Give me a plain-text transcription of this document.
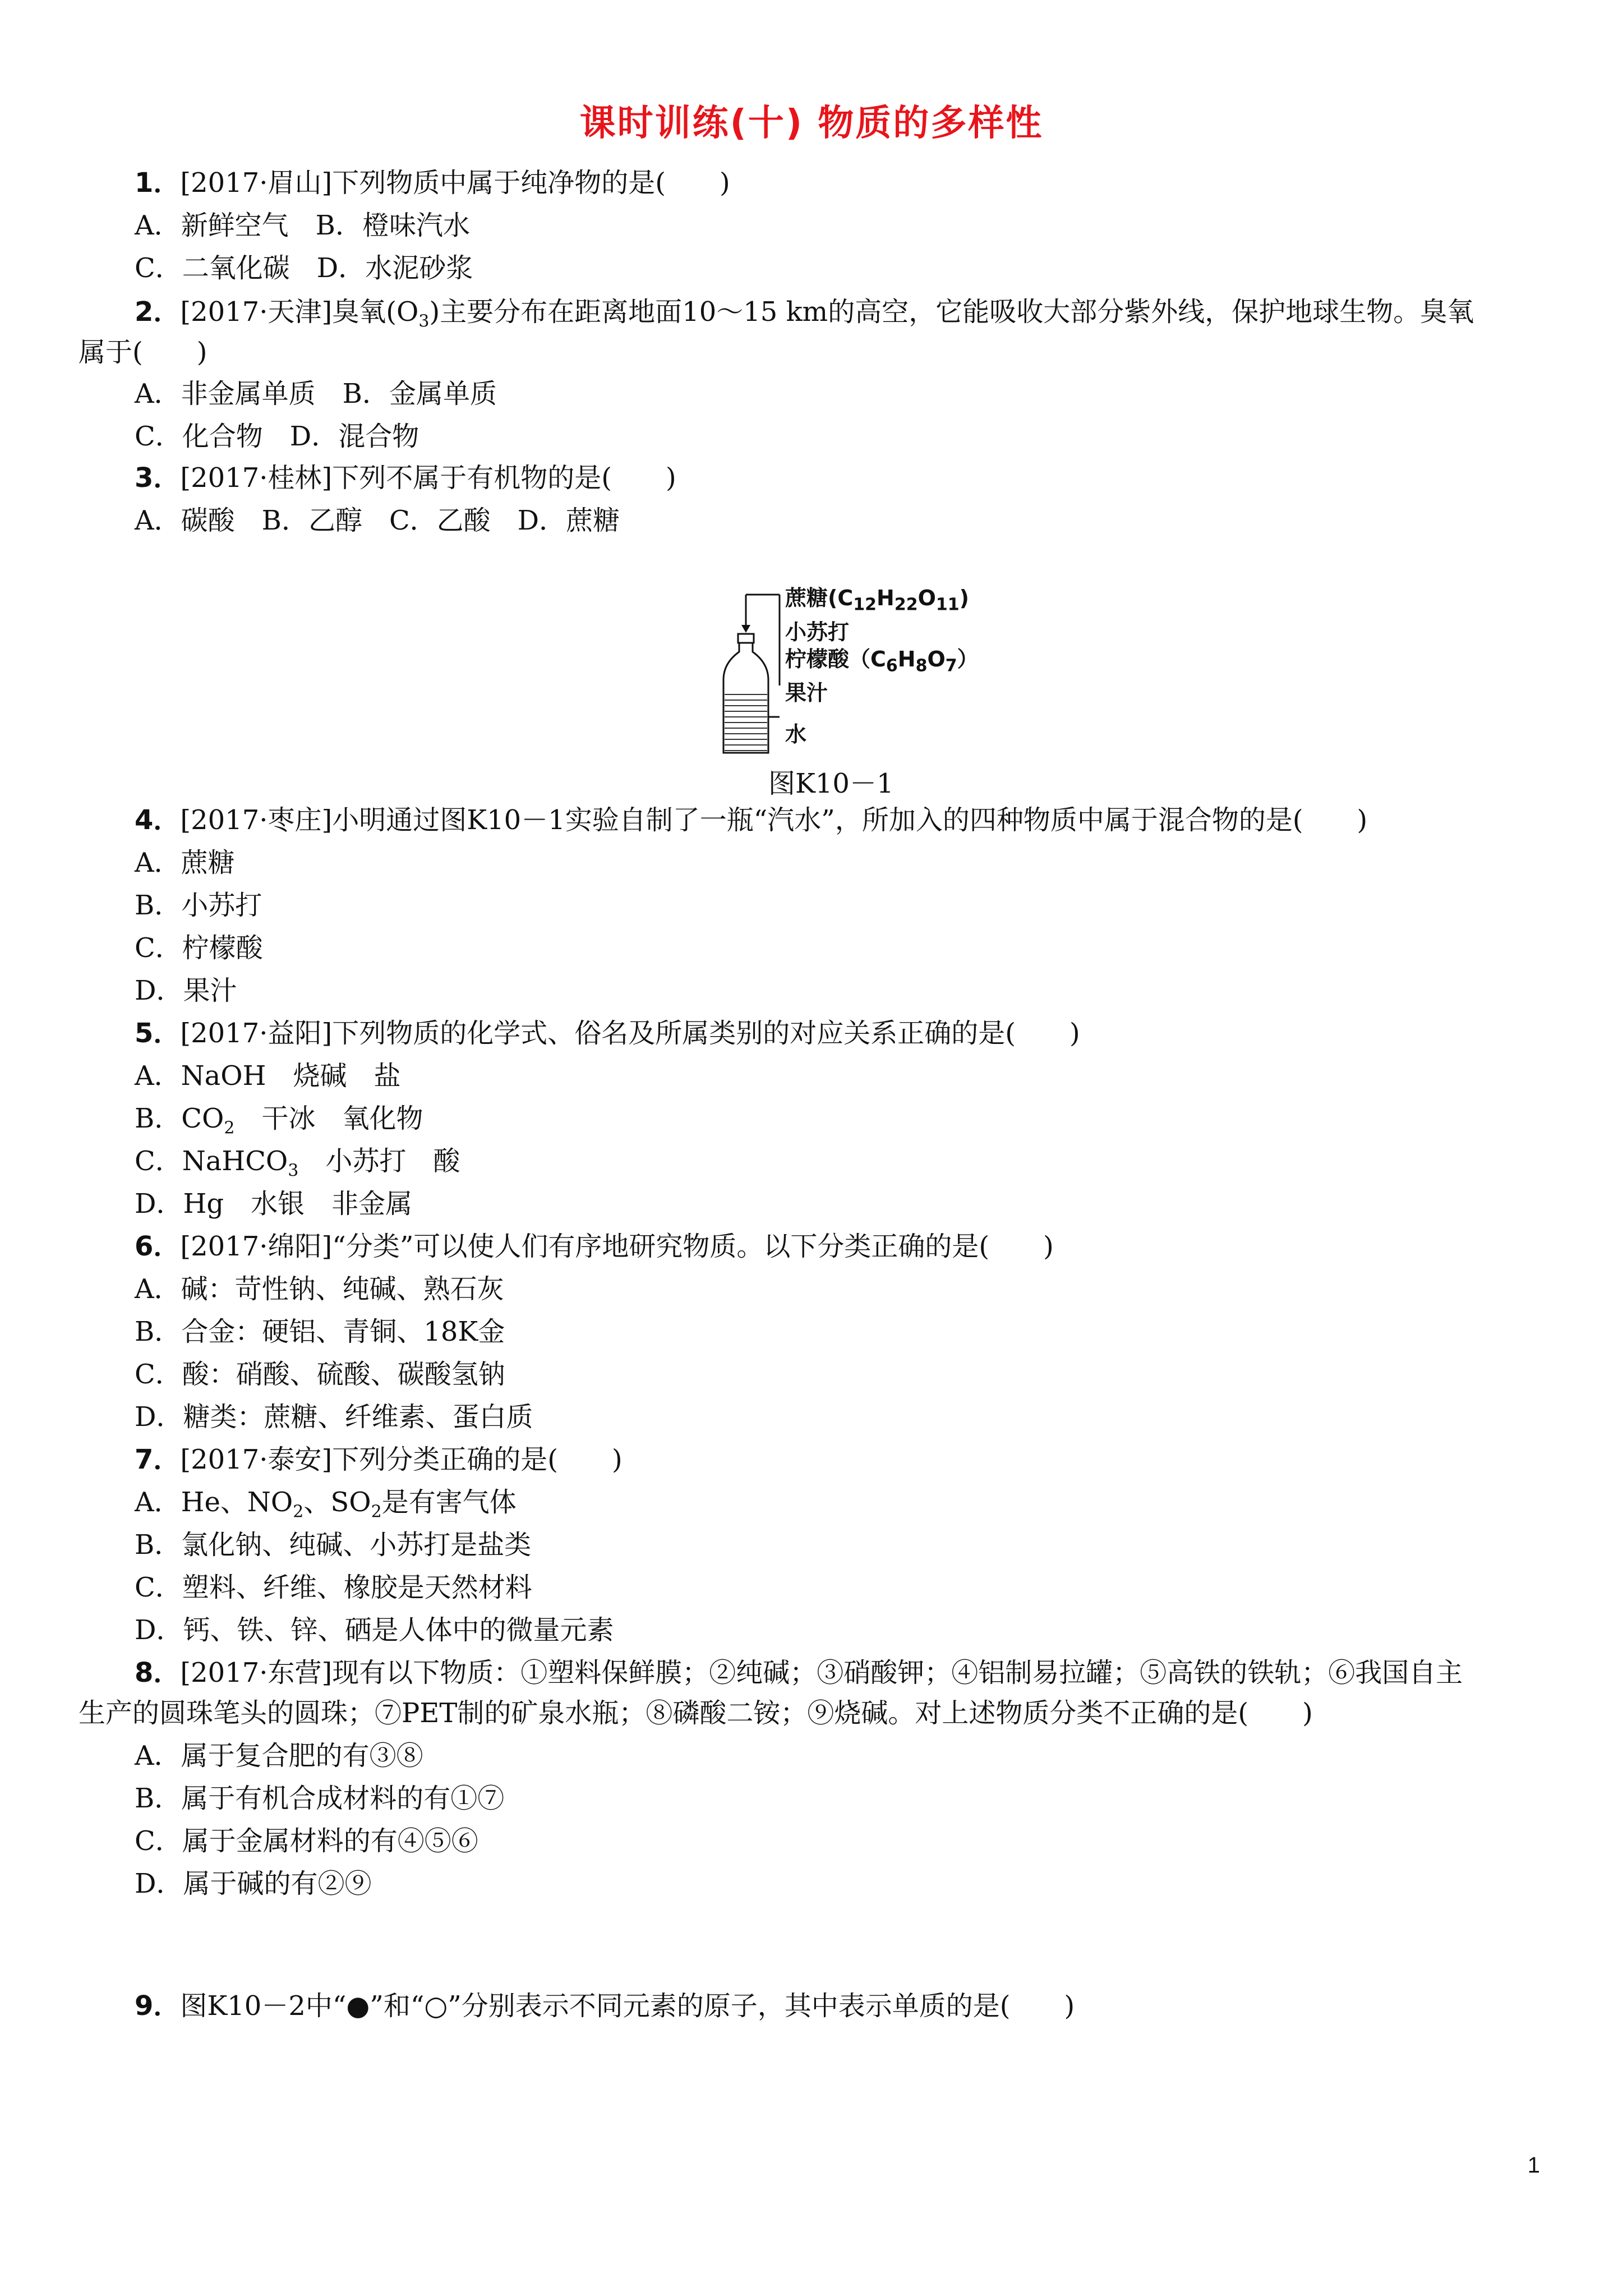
课时训练(十) 物质的多样性
1．[2017·眉山]下列物质中属于纯净物的是(　　)
A．新鲜空气　B．橙味汽水
C．二氧化碳　D．水泥砂浆
2．[2017·天津]臭氧$(O_3)$主要分布在距离地面10～15 km的高空，它能吸收大部分紫外线，保护地球生物。臭氧
属于(　　)
A．非金属单质　B．金属单质
C．化合物　D．混合物
3．[2017·桂林]下列不属于有机物的是(　　)
A．碳酸　B．乙醇　C．乙酸　D．蔗糖
蔗糖$(C_{12}H_{22}O_{11})$
小苏打
柠檬酸$(C_6H_8O_7)$
果汁
水
图K10－1
4．[2017·枣庄]小明通过图K10－1实验自制了一瓶“汽水”，所加入的四种物质中属于混合物的是(　　)
A．蔗糖
B．小苏打
C．柠檬酸
D．果汁
5．[2017·益阳]下列物质的化学式、俗名及所属类别的对应关系正确的是(　　)
A．NaOH　烧碱　盐
B．$CO_2$　干冰　氧化物
C．NaHCO$_3$　小苏打　酸
D．Hg　水银　非金属
6．[2017·绵阳]“分类”可以使人们有序地研究物质。以下分类正确的是(　　)
A．碱：苛性钠、纯碱、熟石灰
B．合金：硬铝、青铜、18K金
C．酸：硝酸、硫酸、碳酸氢钠
D．糖类：蔗糖、纤维素、蛋白质
7．[2017·泰安]下列分类正确的是(　　)
A．He、$NO_2$、$SO_2$是有害气体
B．氯化钠、纯碱、小苏打是盐类
C．塑料、纤维、橡胶是天然材料
D．钙、铁、锌、硒是人体中的微量元素
8．[2017·东营]现有以下物质：①塑料保鲜膜；②纯碱；③硝酸钾；④铝制易拉罐；⑤高铁的铁轨；⑥我国自主
生产的圆珠笔头的圆珠；⑦PET制的矿泉水瓶；⑧磷酸二铵；⑨烧碱。对上述物质分类不正确的是(　　)
A．属于复合肥的有③⑧
B．属于有机合成材料的有①⑦
C．属于金属材料的有④⑤⑥
D．属于碱的有②⑨
9．图K10－2中“●”和“○”分别表示不同元素的原子，其中表示单质的是(　　)
1
